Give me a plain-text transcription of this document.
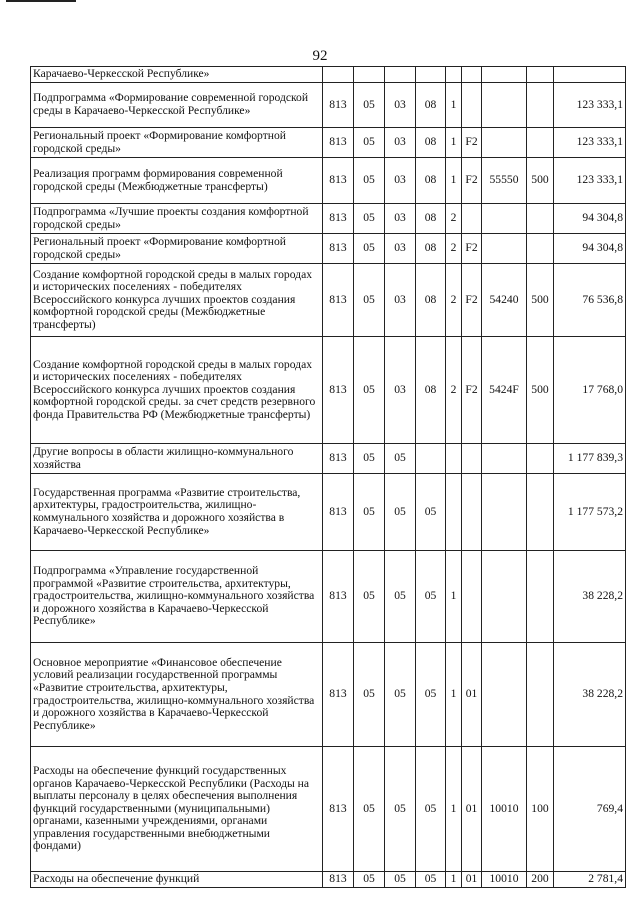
92
Карачаево-Черкесской Республике»									
Подпрограмма «Формирование современной городской среды в Карачаево-Черкесской Республике»	813	05	03	08	1				123 333,1
Региональный проект «Формирование комфортной городской среды»	813	05	03	08	1	F2			123 333,1
Реализация программ формирования современной городской среды (Межбюджетные трансферты)	813	05	03	08	1	F2	55550	500	123 333,1
Подпрограмма «Лучшие проекты создания комфортной городской среды»	813	05	03	08	2				94 304,8
Региональный проект «Формирование комфортной городской среды»	813	05	03	08	2	F2			94 304,8
Создание комфортной городской среды в малых городах и исторических поселениях - победителях Всероссийского конкурса лучших проектов создания комфортной городской среды (Межбюджетные трансферты)	813	05	03	08	2	F2	54240	500	76 536,8
Создание комфортной городской среды в малых городах и исторических поселениях - победителях Всероссийского конкурса лучших проектов создания комфортной городской среды. за счет средств резервного фонда Правительства РФ (Межбюджетные трансферты)	813	05	03	08	2	F2	5424F	500	17 768,0
Другие вопросы в области жилищно-коммунального хозяйства	813	05	05						1 177 839,3
Государственная программа «Развитие строительства, архитектуры, градостроительства, жилищно-коммунального хозяйства и дорожного хозяйства в Карачаево-Черкесской Республике»	813	05	05	05					1 177 573,2
Подпрограмма «Управление государственной программой «Развитие строительства, архитектуры, градостроительства, жилищно-коммунального хозяйства и дорожного хозяйства в Карачаево-Черкесской Республике»	813	05	05	05	1				38 228,2
Основное мероприятие «Финансовое обеспечение условий реализации государственной программы «Развитие строительства, архитектуры, градостроительства, жилищно-коммунального хозяйства и дорожного хозяйства в Карачаево-Черкесской Республике»	813	05	05	05	1	01			38 228,2
Расходы на обеспечение функций государственных органов Карачаево-Черкесской Республики (Расходы на выплаты персоналу в целях обеспечения выполнения функций государственными (муниципальными) органами, казенными учреждениями, органами управления государственными внебюджетными фондами)	813	05	05	05	1	01	10010	100	769,4
Расходы на обеспечение функций	813	05	05	05	1	01	10010	200	2 781,4
